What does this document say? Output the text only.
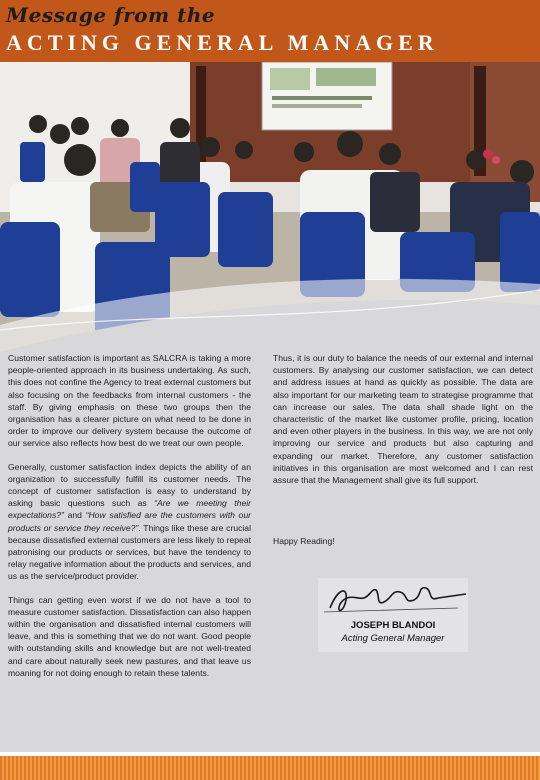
Message from the
ACTING GENERAL MANAGER

Customer satisfaction is important as SALCRA is taking a more people-oriented approach in its business undertaking. As such, this does not confine the Agency to treat external customers but also focusing on the feedbacks from internal customers - the staff. By giving emphasis on these two groups then the organisation has a clearer picture on what need to be done in order to improve our delivery system because the outcome of our service also reflects how best do we treat our own people.

Generally, customer satisfaction index depicts the ability of an organization to successfully fulfill its customer needs. The concept of customer satisfaction is easy to understand by asking basic questions such as “Are we meeting their expectations?” and “How satisfied are the customers with our products or service they receive?”. Things like these are crucial because dissatisfied external customers are less likely to repeat patronising our products or services, but have the tendency to relay negative information about the products and services, and us as the service/product provider.

Things can getting even worst if we do not have a tool to measure customer satisfaction. Dissatisfaction can also happen within the organisation and dissatisfied internal customers will leave, and this is something that we do not want. Good people with outstanding skills and knowledge but are not well-treated and care about naturally seek new pastures, and that leave us moaning for not doing enough to retain these talents.

Thus, it is our duty to balance the needs of our external and internal customers. By analysing our customer satisfaction, we can detect and address issues at hand as quickly as possible. The data are also important for our marketing team to strategise programme that can increase our sales. The data shall shade light on the characteristic of the market like customer profile, pricing, location and even other players in the business. In this way, we are not only improving our service and products but also capturing and expanding our market. Therefore, any customer satisfaction initiatives in this organisation are most welcomed and I can rest assure that the Management shall give its full support.

Happy Reading!
JOSEPH BLANDOI
Acting General Manager
